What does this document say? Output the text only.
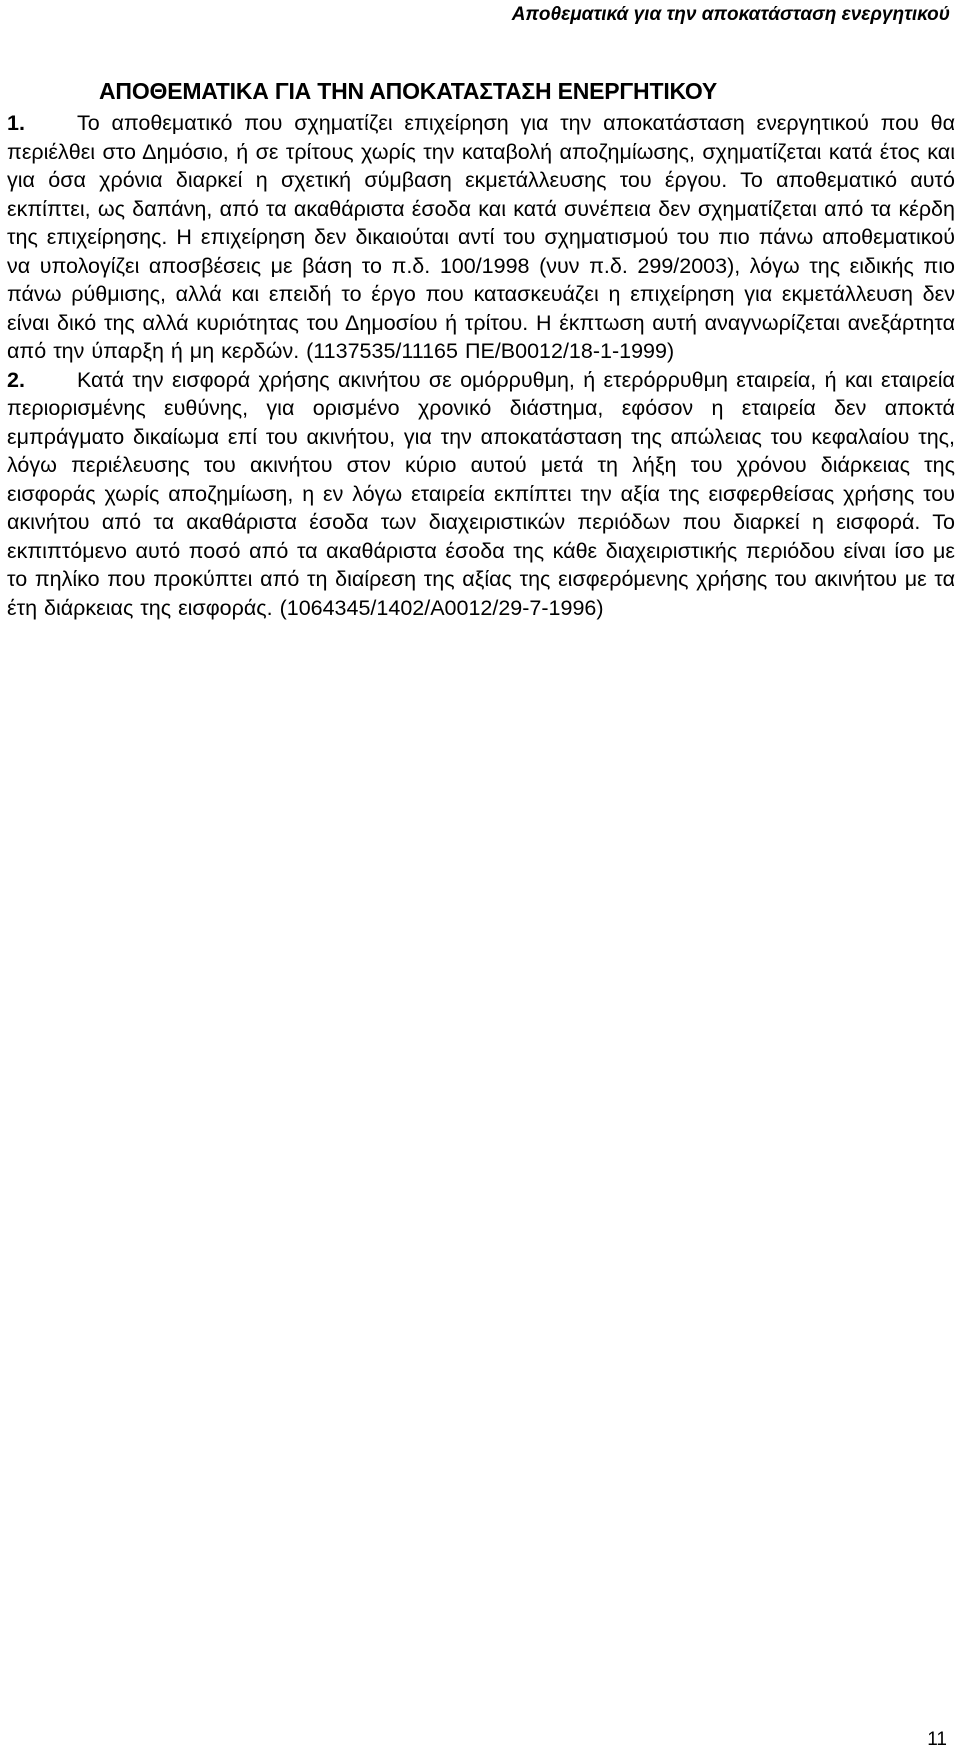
Αποθεματικά για την αποκατάσταση ενεργητικού
ΑΠΟΘΕΜΑΤΙΚΑ ΓΙΑ ΤΗΝ ΑΠΟΚΑΤΑΣΤΑΣΗ ΕΝΕΡΓΗΤΙΚΟΥ

1. Το αποθεματικό που σχηματίζει επιχείρηση για την αποκατάσταση ενεργητικού που θα περιέλθει στο Δημόσιο, ή σε τρίτους χωρίς την καταβολή αποζημίωσης, σχηματίζεται κατά έτος και για όσα χρόνια διαρκεί η σχετική σύμβαση εκμετάλλευσης του έργου. Το αποθεματικό αυτό εκπίπτει, ως δαπάνη, από τα ακαθάριστα έσοδα και κατά συνέπεια δεν σχηματίζεται από τα κέρδη της επιχείρησης. Η επιχείρηση δεν δικαιούται αντί του σχηματισμού του πιο πάνω αποθεματικού να υπολογίζει αποσβέσεις με βάση το π.δ. 100/1998 (νυν π.δ. 299/2003), λόγω της ειδικής πιο πάνω ρύθμισης, αλλά και επειδή το έργο που κατασκευάζει η επιχείρηση για εκμετάλλευση δεν είναι δικό της αλλά κυριότητας του Δημοσίου ή τρίτου. Η έκπτωση αυτή αναγνωρίζεται ανεξάρτητα από την ύπαρξη ή μη κερδών. (1137535/11165 ΠΕ/Β0012/18-1-1999)

2. Κατά την εισφορά χρήσης ακινήτου σε ομόρρυθμη, ή ετερόρρυθμη εταιρεία, ή και εταιρεία περιορισμένης ευθύνης, για ορισμένο χρονικό διάστημα, εφόσον η εταιρεία δεν αποκτά εμπράγματο δικαίωμα επί του ακινήτου, για την αποκατάσταση της απώλειας του κεφαλαίου της, λόγω περιέλευσης του ακινήτου στον κύριο αυτού μετά τη λήξη του χρόνου διάρκειας της εισφοράς χωρίς αποζημίωση, η εν λόγω εταιρεία εκπίπτει την αξία της εισφερθείσας χρήσης του ακινήτου από τα ακαθάριστα έσοδα των διαχειριστικών περιόδων που διαρκεί η εισφορά. Το εκπιπτόμενο αυτό ποσό από τα ακαθάριστα έσοδα της κάθε διαχειριστικής περιόδου είναι ίσο με το πηλίκο που προκύπτει από τη διαίρεση της αξίας της εισφερόμενης χρήσης του ακινήτου με τα έτη διάρκειας της εισφοράς. (1064345/1402/Α0012/29-7-1996)

11
